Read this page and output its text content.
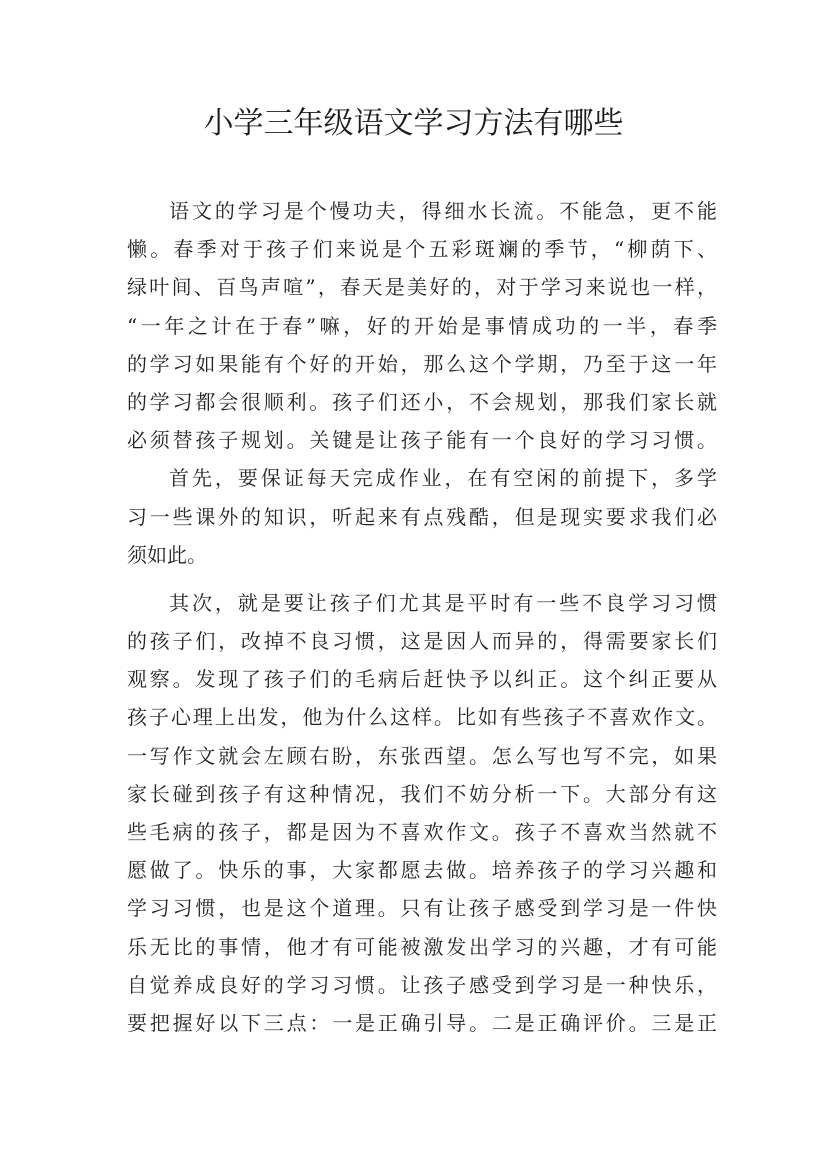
小学三年级语文学习方法有哪些

语文的学习是个慢功夫，得细水长流。不能急，更不能

懒。春季对于孩子们来说是个五彩斑斓的季节，“柳荫下、

绿叶间、百鸟声喧”，春天是美好的，对于学习来说也一样，

“一年之计在于春”嘛，好的开始是事情成功的一半，春季

的学习如果能有个好的开始，那么这个学期，乃至于这一年

的学习都会很顺利。孩子们还小，不会规划，那我们家长就

必须替孩子规划。关键是让孩子能有一个良好的学习习惯。

首先，要保证每天完成作业，在有空闲的前提下，多学

习一些课外的知识，听起来有点残酷，但是现实要求我们必

须如此。

其次，就是要让孩子们尤其是平时有一些不良学习习惯

的孩子们，改掉不良习惯，这是因人而异的，得需要家长们

观察。发现了孩子们的毛病后赶快予以纠正。这个纠正要从

孩子心理上出发，他为什么这样。比如有些孩子不喜欢作文。

一写作文就会左顾右盼，东张西望。怎么写也写不完，如果

家长碰到孩子有这种情况，我们不妨分析一下。大部分有这

些毛病的孩子，都是因为不喜欢作文。孩子不喜欢当然就不

愿做了。快乐的事，大家都愿去做。培养孩子的学习兴趣和

学习习惯，也是这个道理。只有让孩子感受到学习是一件快

乐无比的事情，他才有可能被激发出学习的兴趣，才有可能

自觉养成良好的学习习惯。让孩子感受到学习是一种快乐，

要把握好以下三点：一是正确引导。二是正确评价。三是正
